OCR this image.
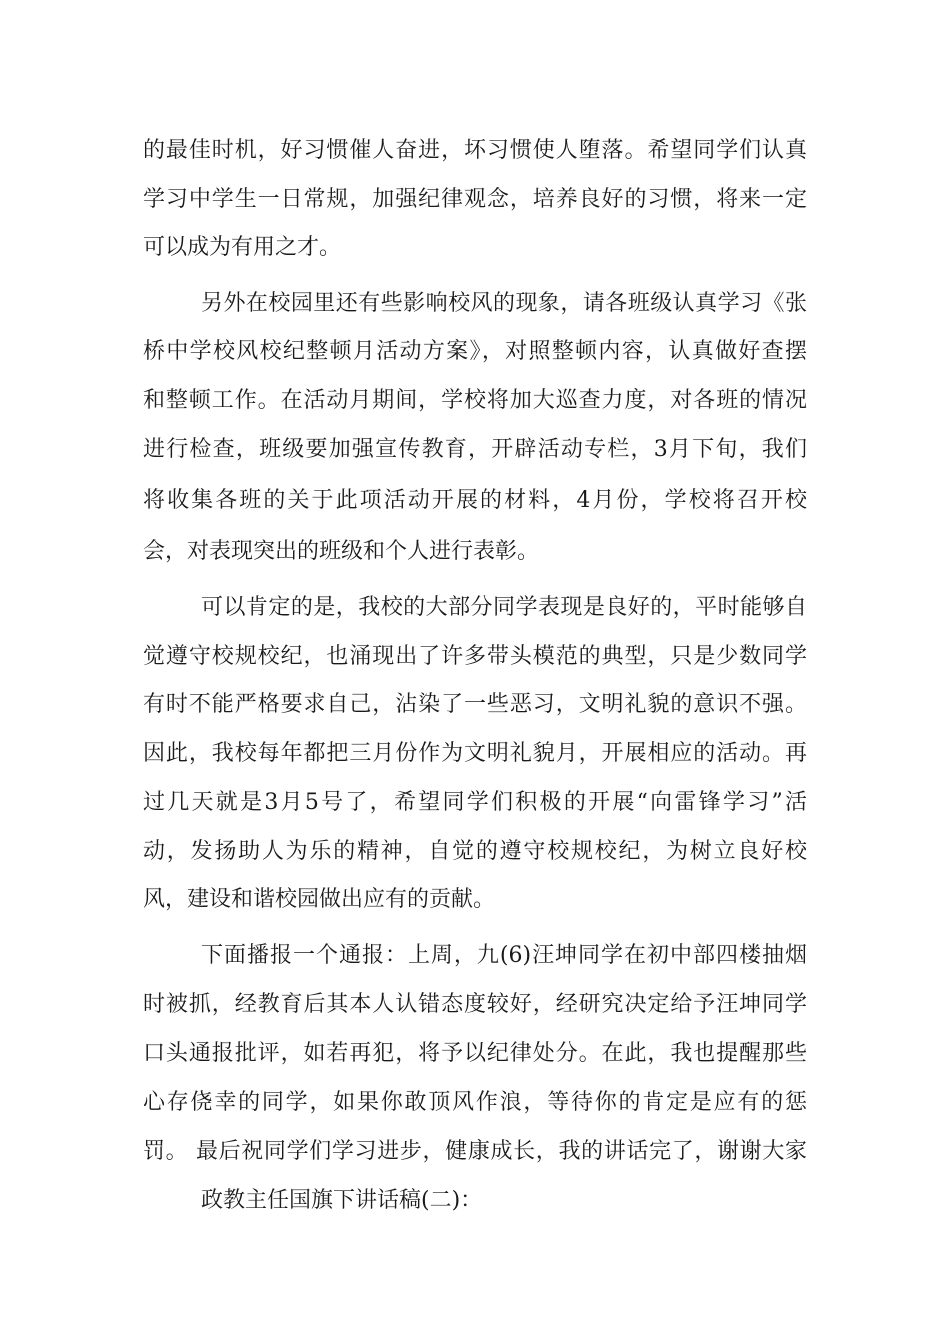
的最佳时机，好习惯催人奋进，坏习惯使人堕落。希望同学们认真

学习中学生一日常规，加强纪律观念，培养良好的习惯，将来一定

可以成为有用之才。

另外在校园里还有些影响校风的现象，请各班级认真学习《张

桥中学校风校纪整顿月活动方案》，对照整顿内容，认真做好查摆

和整顿工作。在活动月期间，学校将加大巡查力度，对各班的情况

进行检查，班级要加强宣传教育，开辟活动专栏，3月下旬，我们

将收集各班的关于此项活动开展的材料，4月份，学校将召开校

会，对表现突出的班级和个人进行表彰。

可以肯定的是，我校的大部分同学表现是良好的，平时能够自

觉遵守校规校纪，也涌现出了许多带头模范的典型，只是少数同学

有时不能严格要求自己，沾染了一些恶习，文明礼貌的意识不强。

因此，我校每年都把三月份作为文明礼貌月，开展相应的活动。再

过几天就是3月5号了，希望同学们积极的开展“向雷锋学习”活

动，发扬助人为乐的精神，自觉的遵守校规校纪，为树立良好校

风，建设和谐校园做出应有的贡献。

下面播报一个通报：上周，九(6)汪坤同学在初中部四楼抽烟

时被抓，经教育后其本人认错态度较好，经研究决定给予汪坤同学

口头通报批评，如若再犯，将予以纪律处分。在此，我也提醒那些

心存侥幸的同学，如果你敢顶风作浪，等待你的肯定是应有的惩

罚。 最后祝同学们学习进步，健康成长，我的讲话完了，谢谢大家

政教主任国旗下讲话稿(二)：
